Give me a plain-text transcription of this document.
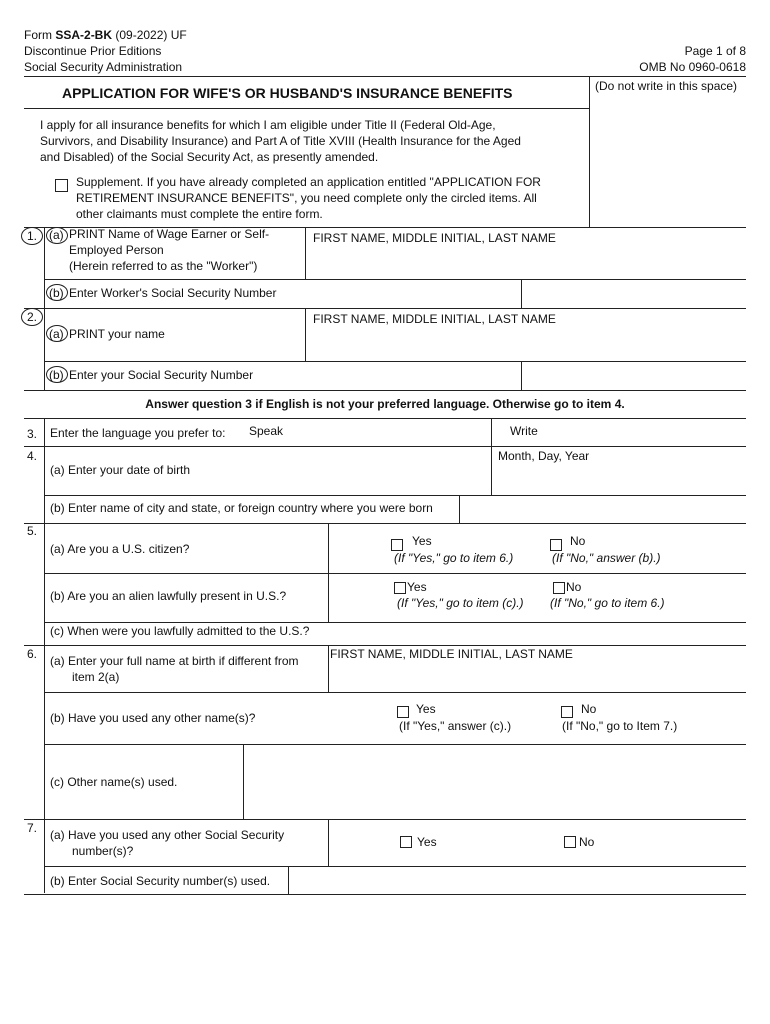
Form SSA-2-BK (09-2022) UF
Discontinue Prior Editions
Social Security Administration
Page 1 of 8
OMB No 0960-0618
(Do not write in this space)
APPLICATION FOR WIFE'S OR HUSBAND'S INSURANCE BENEFITS
I apply for all insurance benefits for which I am eligible under Title II (Federal Old-Age,
Survivors, and Disability Insurance) and Part A of Title XVIII (Health Insurance for the Aged
and Disabled) of the Social Security Act, as presently amended.
Supplement. If you have already completed an application entitled "APPLICATION FOR
RETIREMENT INSURANCE BENEFITS", you need complete only the circled items. All
other claimants must complete the entire form.
1. (a) PRINT Name of Wage Earner or Self-
Employed Person
(Herein referred to as the "Worker")
FIRST NAME, MIDDLE INITIAL, LAST NAME
(b) Enter Worker's Social Security Number
2.
(a) PRINT your name
FIRST NAME, MIDDLE INITIAL, LAST NAME
(b) Enter your Social Security Number
Answer question 3 if English is not your preferred language. Otherwise go to item 4.
3. Enter the language you prefer to: Speak	Write
4.
(a) Enter your date of birth
Month, Day, Year
(b) Enter name of city and state, or foreign country where you were born
5.
(a) Are you a U.S. citizen?
Yes
(If "Yes," go to item 6.)
No
(If "No," answer (b).)
(b) Are you an alien lawfully present in U.S.?
Yes
(If "Yes," go to item (c).)
No
(If "No," go to item 6.)
(c) When were you lawfully admitted to the U.S.?
6. (a) Enter your full name at birth if different from
item 2(a)
FIRST NAME, MIDDLE INITIAL, LAST NAME
(b) Have you used any other name(s)?
Yes
(If "Yes," answer (c).)
No
(If "No," go to Item 7.)
(c) Other name(s) used.
7. (a) Have you used any other Social Security
number(s)?
Yes	No
(b) Enter Social Security number(s) used.
